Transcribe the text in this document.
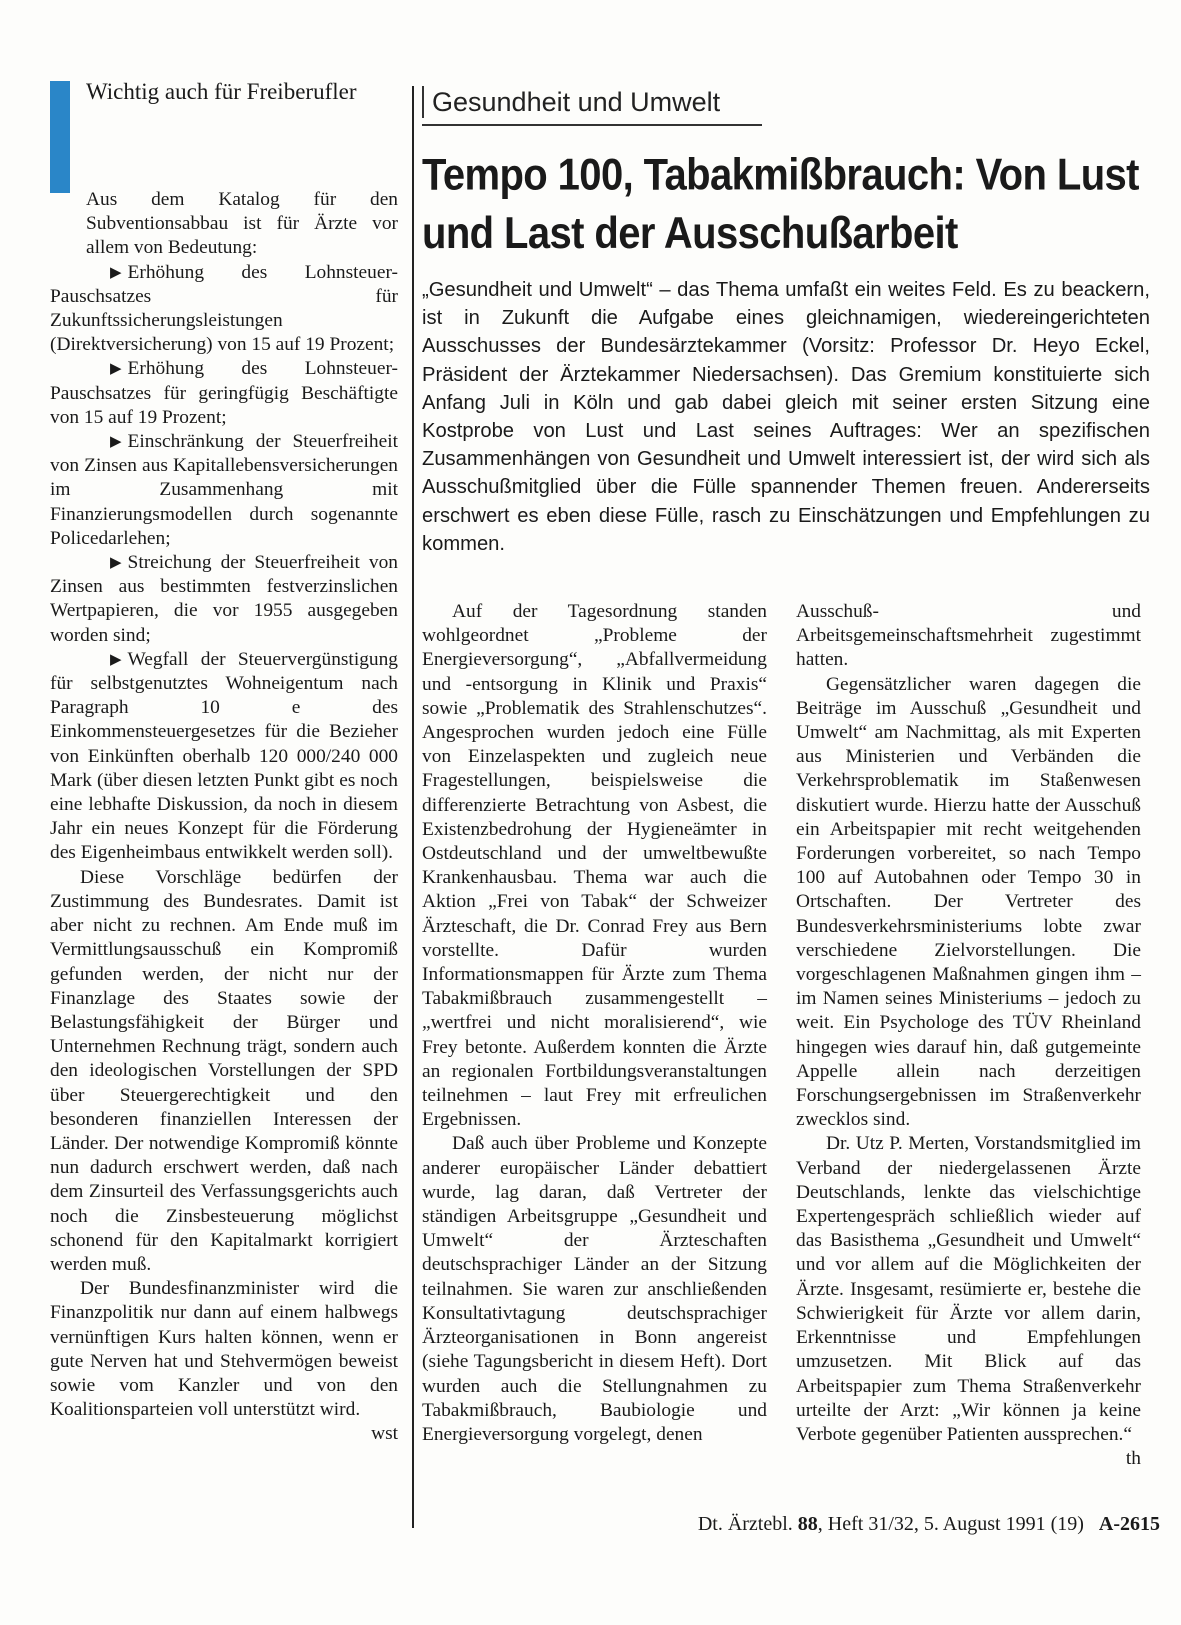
Wichtig auch für Freiberufler

Aus dem Katalog für den Subventionsabbau ist für Ärzte vor allem von Bedeutung:

▶ Erhöhung des Lohnsteuer-Pauschsatzes für Zukunftssicherungsleistungen (Direktversicherung) von 15 auf 19 Prozent;

▶ Erhöhung des Lohnsteuer-Pauschsatzes für geringfügig Beschäftigte von 15 auf 19 Prozent;

▶ Einschränkung der Steuerfreiheit von Zinsen aus Kapitallebensversicherungen im Zusammenhang mit Finanzierungsmodellen durch sogenannte Policedarlehen;

▶ Streichung der Steuerfreiheit von Zinsen aus bestimmten festverzinslichen Wertpapieren, die vor 1955 ausgegeben worden sind;

▶ Wegfall der Steuervergünstigung für selbstgenutztes Wohneigentum nach Paragraph 10 e des Einkommensteuergesetzes für die Bezieher von Einkünften oberhalb 120 000/240 000 Mark (über diesen letzten Punkt gibt es noch eine lebhafte Diskussion, da noch in diesem Jahr ein neues Konzept für die Förderung des Eigenheimbaus entwikkelt werden soll).

Diese Vorschläge bedürfen der Zustimmung des Bundesrates. Damit ist aber nicht zu rechnen. Am Ende muß im Vermittlungsausschuß ein Kompromiß gefunden werden, der nicht nur der Finanzlage des Staates sowie der Belastungsfähigkeit der Bürger und Unternehmen Rechnung trägt, sondern auch den ideologischen Vorstellungen der SPD über Steuergerechtigkeit und den besonderen finanziellen Interessen der Länder. Der notwendige Kompromiß könnte nun dadurch erschwert werden, daß nach dem Zinsurteil des Verfassungsgerichts auch noch die Zinsbesteuerung möglichst schonend für den Kapitalmarkt korrigiert werden muß.

Der Bundesfinanzminister wird die Finanzpolitik nur dann auf einem halbwegs vernünftigen Kurs halten können, wenn er gute Nerven hat und Stehvermögen beweist sowie vom Kanzler und von den Koalitionsparteien voll unterstützt wird.
wst

Gesundheit und Umwelt
Tempo 100, Tabakmißbrauch: Von Lust und Last der Ausschußarbeit
„Gesundheit und Umwelt“ – das Thema umfaßt ein weites Feld. Es zu beackern, ist in Zukunft die Aufgabe eines gleichnamigen, wiedereingerichteten Ausschusses der Bundesärztekammer (Vorsitz: Professor Dr. Heyo Eckel, Präsident der Ärztekammer Niedersachsen). Das Gremium konstituierte sich Anfang Juli in Köln und gab dabei gleich mit seiner ersten Sitzung eine Kostprobe von Lust und Last seines Auftrages: Wer an spezifischen Zusammenhängen von Gesundheit und Umwelt interessiert ist, der wird sich als Ausschußmitglied über die Fülle spannender Themen freuen. Andererseits erschwert es eben diese Fülle, rasch zu Einschätzungen und Empfehlungen zu kommen.

Auf der Tagesordnung standen wohlgeordnet „Probleme der Energieversorgung“, „Abfallvermeidung und -entsorgung in Klinik und Praxis“ sowie „Problematik des Strahlenschutzes“. Angesprochen wurden jedoch eine Fülle von Einzelaspekten und zugleich neue Fragestellungen, beispielsweise die differenzierte Betrachtung von Asbest, die Existenzbedrohung der Hygieneämter in Ostdeutschland und der umweltbewußte Krankenhausbau. Thema war auch die Aktion „Frei von Tabak“ der Schweizer Ärzteschaft, die Dr. Conrad Frey aus Bern vorstellte. Dafür wurden Informationsmappen für Ärzte zum Thema Tabakmißbrauch zusammengestellt – „wertfrei und nicht moralisierend“, wie Frey betonte. Außerdem konnten die Ärzte an regionalen Fortbildungsveranstaltungen teilnehmen – laut Frey mit erfreulichen Ergebnissen.

Daß auch über Probleme und Konzepte anderer europäischer Länder debattiert wurde, lag daran, daß Vertreter der ständigen Arbeitsgruppe „Gesundheit und Umwelt“ der Ärzteschaften deutschsprachiger Länder an der Sitzung teilnahmen. Sie waren zur anschließenden Konsultativtagung deutschsprachiger Ärzteorganisationen in Bonn angereist (siehe Tagungsbericht in diesem Heft). Dort wurden auch die Stellungnahmen zu Tabakmißbrauch, Baubiologie und Energieversorgung vorgelegt, denen

Ausschuß- und Arbeitsgemeinschaftsmehrheit zugestimmt hatten.

Gegensätzlicher waren dagegen die Beiträge im Ausschuß „Gesundheit und Umwelt“ am Nachmittag, als mit Experten aus Ministerien und Verbänden die Verkehrsproblematik im Staßenwesen diskutiert wurde. Hierzu hatte der Ausschuß ein Arbeitspapier mit recht weitgehenden Forderungen vorbereitet, so nach Tempo 100 auf Autobahnen oder Tempo 30 in Ortschaften. Der Vertreter des Bundesverkehrsministeriums lobte zwar verschiedene Zielvorstellungen. Die vorgeschlagenen Maßnahmen gingen ihm – im Namen seines Ministeriums – jedoch zu weit. Ein Psychologe des TÜV Rheinland hingegen wies darauf hin, daß gutgemeinte Appelle allein nach derzeitigen Forschungsergebnissen im Straßenverkehr zwecklos sind.

Dr. Utz P. Merten, Vorstandsmitglied im Verband der niedergelassenen Ärzte Deutschlands, lenkte das vielschichtige Expertengespräch schließlich wieder auf das Basisthema „Gesundheit und Umwelt“ und vor allem auf die Möglichkeiten der Ärzte. Insgesamt, resümierte er, bestehe die Schwierigkeit für Ärzte vor allem darin, Erkenntnisse und Empfehlungen umzusetzen. Mit Blick auf das Arbeitspapier zum Thema Straßenverkehr urteilte der Arzt: „Wir können ja keine Verbote gegenüber Patienten aussprechen.“
th

Dt. Ärztebl. 88, Heft 31/32, 5. August 1991 (19) A-2615
